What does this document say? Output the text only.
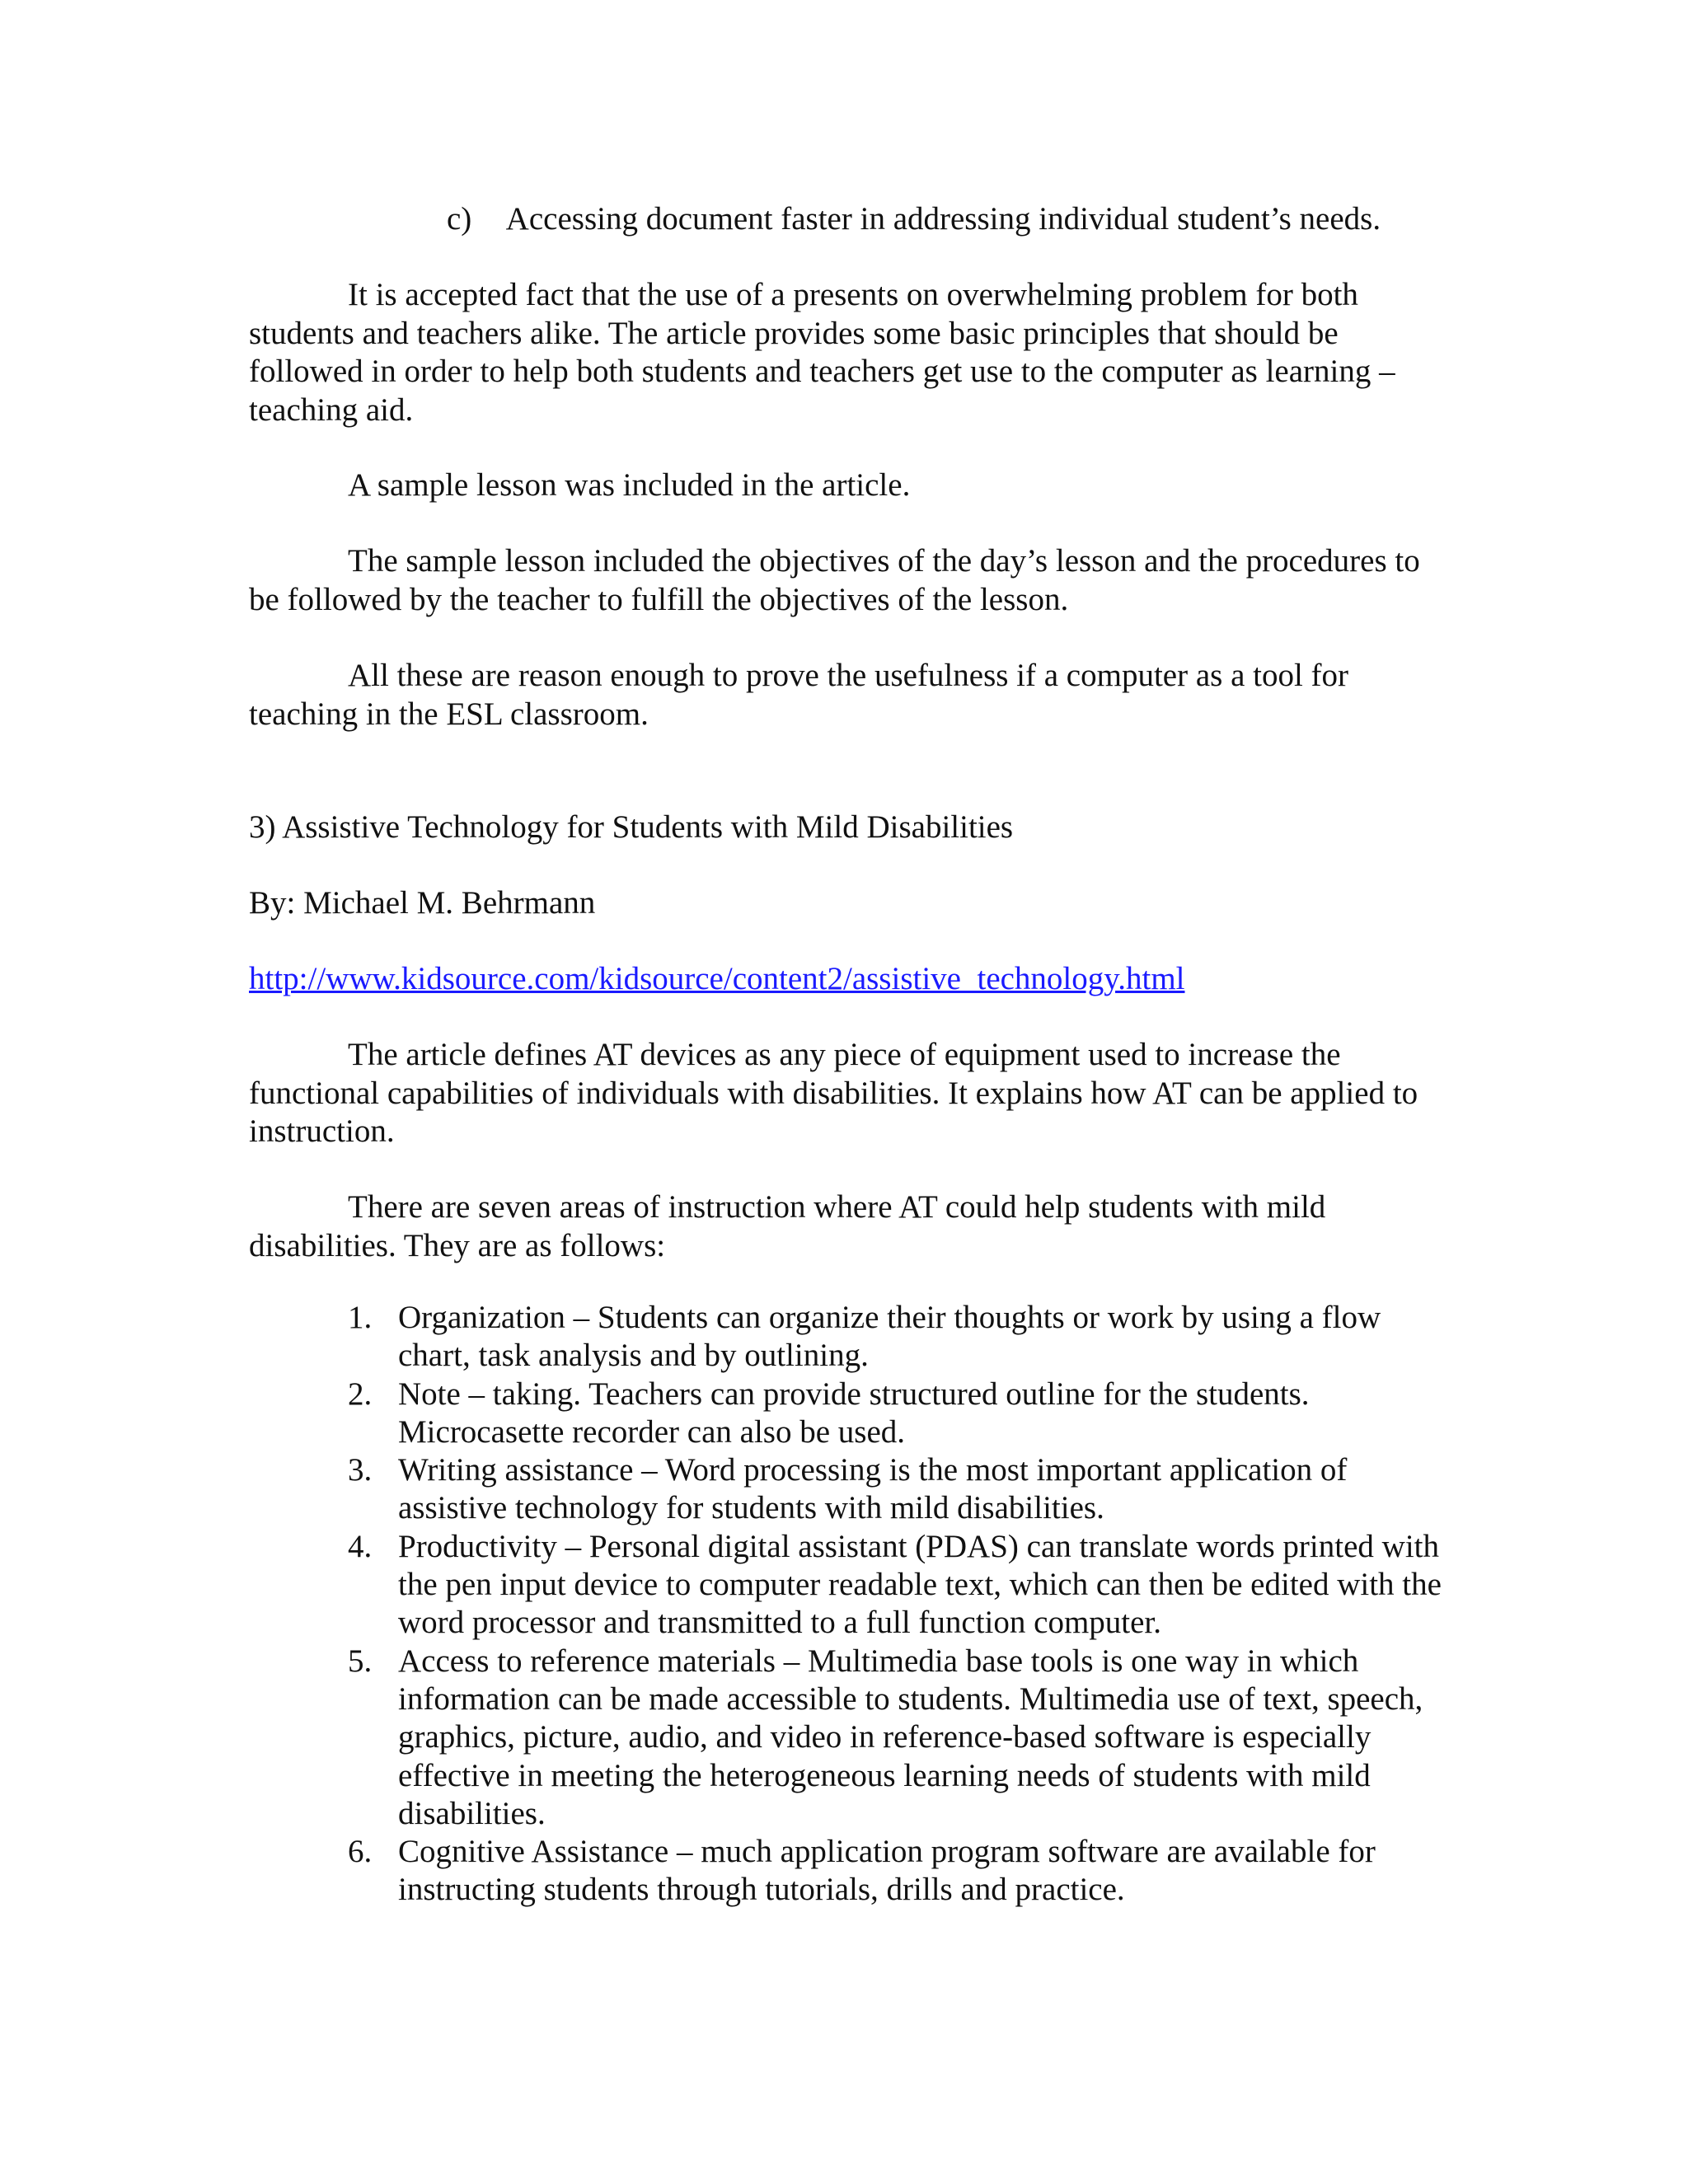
c) Accessing document faster in addressing individual student’s needs.

It is accepted fact that the use of a presents on overwhelming problem for both students and teachers alike. The article provides some basic principles that should be followed in order to help both students and teachers get use to the computer as learning – teaching aid.

A sample lesson was included in the article.

The sample lesson included the objectives of the day’s lesson and the procedures to be followed by the teacher to fulfill the objectives of the lesson.

All these are reason enough to prove the usefulness if a computer as a tool for teaching in the ESL classroom.

3) Assistive Technology for Students with Mild Disabilities
By: Michael M. Behrmann
http://www.kidsource.com/kidsource/content2/assistive_technology.html

The article defines AT devices as any piece of equipment used to increase the functional capabilities of individuals with disabilities. It explains how AT can be applied to instruction.

There are seven areas of instruction where AT could help students with mild disabilities. They are as follows:

1. Organization – Students can organize their thoughts or work by using a flow chart, task analysis and by outlining.
2. Note – taking. Teachers can provide structured outline for the students. Microcasette recorder can also be used.
3. Writing assistance – Word processing is the most important application of assistive technology for students with mild disabilities.
4. Productivity – Personal digital assistant (PDAS) can translate words printed with the pen input device to computer readable text, which can then be edited with the word processor and transmitted to a full function computer.
5. Access to reference materials – Multimedia base tools is one way in which information can be made accessible to students. Multimedia use of text, speech, graphics, picture, audio, and video in reference-based software is especially effective in meeting the heterogeneous learning needs of students with mild disabilities.
6. Cognitive Assistance – much application program software are available for instructing students through tutorials, drills and practice.
